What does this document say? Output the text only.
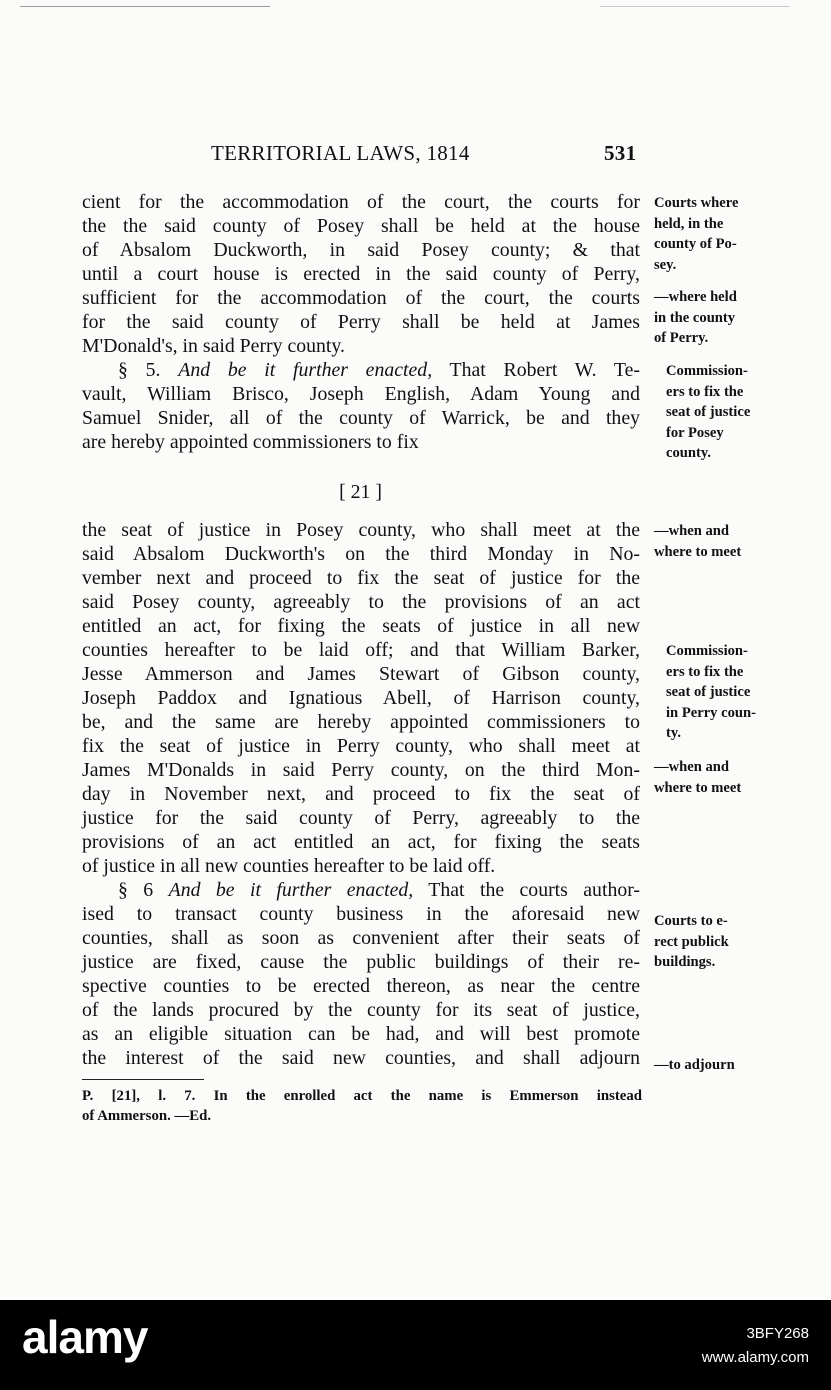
TERRITORIAL LAWS, 1814	531
cient for the accommodation of the court, the courts for
the the said county of Posey shall be held at the house
of Absalom Duckworth, in said Posey county; & that
until a court house is erected in the said county of Perry,
sufficient for the accommodation of the court, the courts
for the said county of Perry shall be held at James
M'Donald's, in said Perry county.
§ 5. And be it further enacted, That Robert W. Te-
vault, William Brisco, Joseph English, Adam Young and
Samuel Snider, all of the county of Warrick, be and they
are hereby appointed commissioners to fix
[ 21 ]
the seat of justice in Posey county, who shall meet at the
said Absalom Duckworth's on the third Monday in No-
vember next and proceed to fix the seat of justice for the
said Posey county, agreeably to the provisions of an act
entitled an act, for fixing the seats of justice in all new
counties hereafter to be laid off; and that William Barker,
Jesse Ammerson and James Stewart of Gibson county,
Joseph Paddox and Ignatious Abell, of Harrison county,
be, and the same are hereby appointed commissioners to
fix the seat of justice in Perry county, who shall meet at
James M'Donalds in said Perry county, on the third Mon-
day in November next, and proceed to fix the seat of
justice for the said county of Perry, agreeably to the
provisions of an act entitled an act, for fixing the seats
of justice in all new counties hereafter to be laid off.
§ 6 And be it further enacted, That the courts author-
ised to transact county business in the aforesaid new
counties, shall as soon as convenient after their seats of
justice are fixed, cause the public buildings of their re-
spective counties to be erected thereon, as near the centre
of the lands procured by the county for its seat of justice,
as an eligible situation can be had, and will best promote
the interest of the said new counties, and shall adjourn
Courts where
held, in the
county of Po-
sey.
—where held
in the county
of Perry.
Commission-
ers to fix the
seat of justice
for Posey
county.
—when and
where to meet
Commission-
ers to fix the
seat of justice
in Perry coun-
ty.
—when and
where to meet
Courts to e-
rect publick
buildings.
—to adjourn
P. [21], l. 7. In the enrolled act the name is Emmerson instead
of Ammerson. —Ed.
alamy	3BFY268
www.alamy.com
